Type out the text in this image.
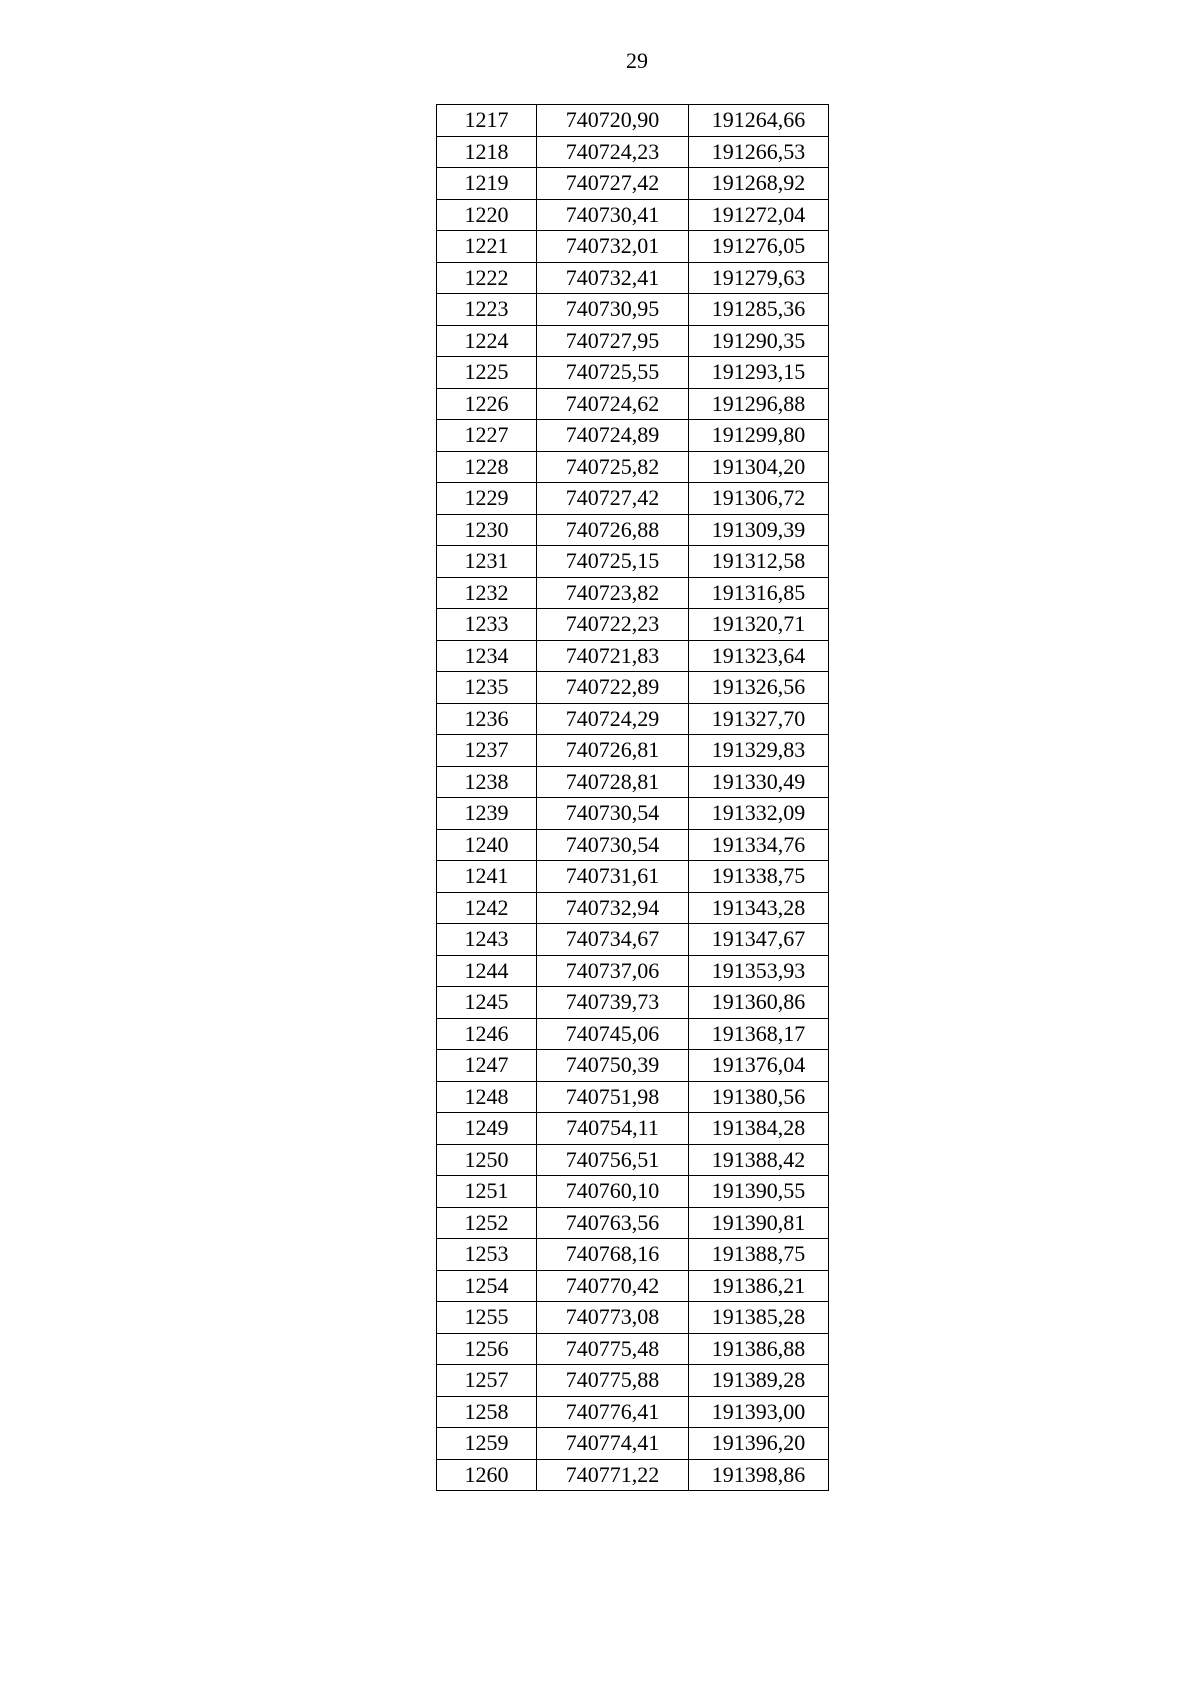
29
1217	740720,90	191264,66
1218	740724,23	191266,53
1219	740727,42	191268,92
1220	740730,41	191272,04
1221	740732,01	191276,05
1222	740732,41	191279,63
1223	740730,95	191285,36
1224	740727,95	191290,35
1225	740725,55	191293,15
1226	740724,62	191296,88
1227	740724,89	191299,80
1228	740725,82	191304,20
1229	740727,42	191306,72
1230	740726,88	191309,39
1231	740725,15	191312,58
1232	740723,82	191316,85
1233	740722,23	191320,71
1234	740721,83	191323,64
1235	740722,89	191326,56
1236	740724,29	191327,70
1237	740726,81	191329,83
1238	740728,81	191330,49
1239	740730,54	191332,09
1240	740730,54	191334,76
1241	740731,61	191338,75
1242	740732,94	191343,28
1243	740734,67	191347,67
1244	740737,06	191353,93
1245	740739,73	191360,86
1246	740745,06	191368,17
1247	740750,39	191376,04
1248	740751,98	191380,56
1249	740754,11	191384,28
1250	740756,51	191388,42
1251	740760,10	191390,55
1252	740763,56	191390,81
1253	740768,16	191388,75
1254	740770,42	191386,21
1255	740773,08	191385,28
1256	740775,48	191386,88
1257	740775,88	191389,28
1258	740776,41	191393,00
1259	740774,41	191396,20
1260	740771,22	191398,86
